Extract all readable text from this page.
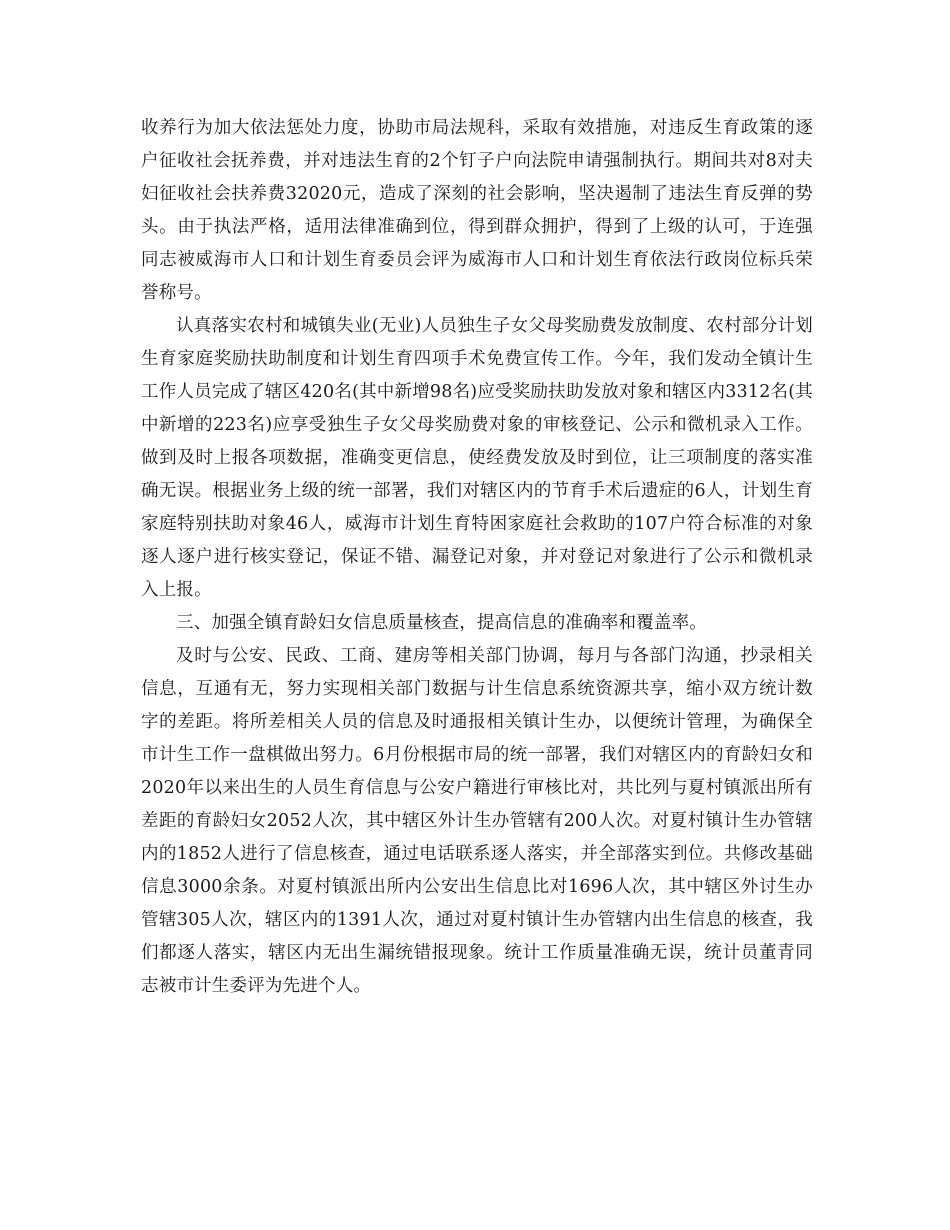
收养行为加大依法惩处力度，协助市局法规科，采取有效措施，对违反生育政策的逐户征收社会抚养费，并对违法生育的2个钉子户向法院申请强制执行。期间共对8对夫妇征收社会扶养费32020元，造成了深刻的社会影响，坚决遏制了违法生育反弹的势头。由于执法严格，适用法律准确到位，得到群众拥护，得到了上级的认可，于连强同志被威海市人口和计划生育委员会评为威海市人口和计划生育依法行政岗位标兵荣誉称号。

认真落实农村和城镇失业(无业)人员独生子女父母奖励费发放制度、农村部分计划生育家庭奖励扶助制度和计划生育四项手术免费宣传工作。今年，我们发动全镇计生工作人员完成了辖区420名(其中新增98名)应受奖励扶助发放对象和辖区内3312名(其中新增的223名)应享受独生子女父母奖励费对象的审核登记、公示和微机录入工作。做到及时上报各项数据，准确变更信息，使经费发放及时到位，让三项制度的落实准确无误。根据业务上级的统一部署，我们对辖区内的节育手术后遗症的6人，计划生育家庭特别扶助对象46人，威海市计划生育特困家庭社会救助的107户符合标准的对象逐人逐户进行核实登记，保证不错、漏登记对象，并对登记对象进行了公示和微机录入上报。

三、加强全镇育龄妇女信息质量核查，提高信息的准确率和覆盖率。

及时与公安、民政、工商、建房等相关部门协调，每月与各部门沟通，抄录相关信息，互通有无，努力实现相关部门数据与计生信息系统资源共享，缩小双方统计数字的差距。将所差相关人员的信息及时通报相关镇计生办，以便统计管理，为确保全市计生工作一盘棋做出努力。6月份根据市局的统一部署，我们对辖区内的育龄妇女和2020年以来出生的人员生育信息与公安户籍进行审核比对，共比列与夏村镇派出所有差距的育龄妇女2052人次，其中辖区外计生办管辖有200人次。对夏村镇计生办管辖内的1852人进行了信息核查，通过电话联系逐人落实，并全部落实到位。共修改基础信息3000余条。对夏村镇派出所内公安出生信息比对1696人次，其中辖区外讨生办管辖305人次，辖区内的1391人次，通过对夏村镇计生办管辖内出生信息的核查，我们都逐人落实，辖区内无出生漏统错报现象。统计工作质量准确无误，统计员董青同志被市计生委评为先进个人。
